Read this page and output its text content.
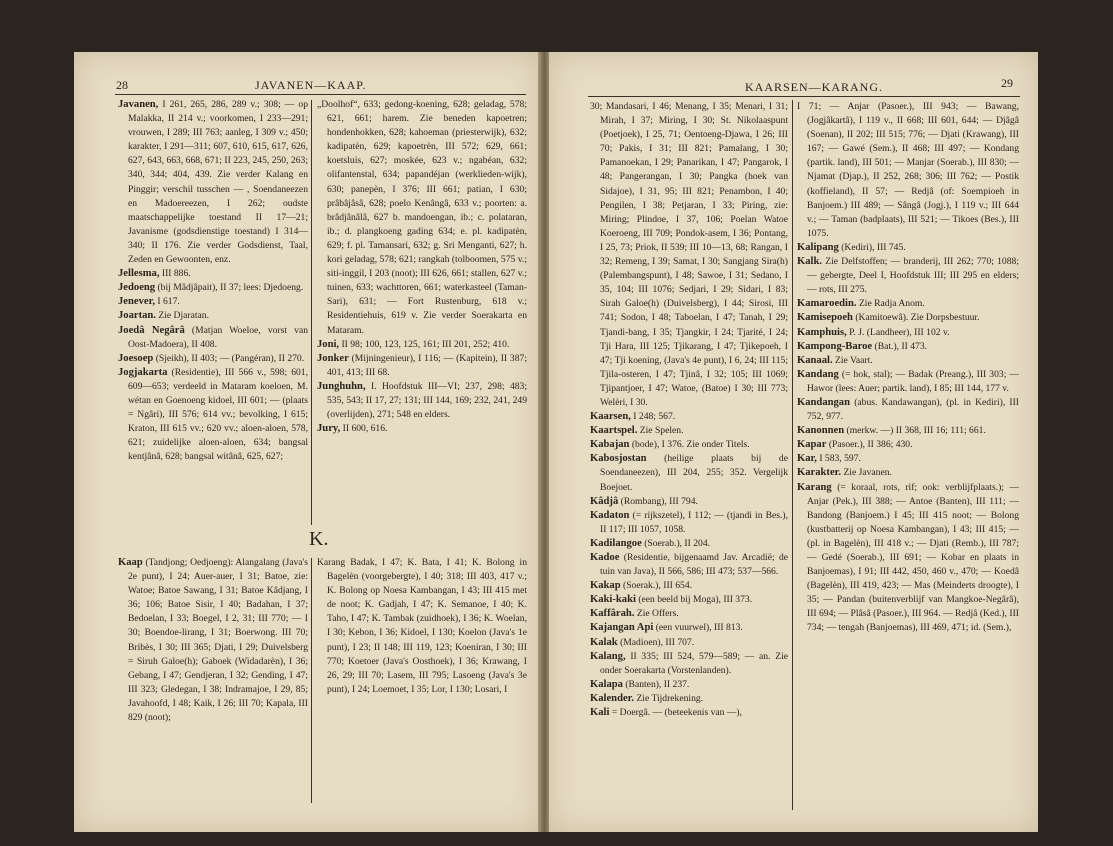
28	JAVANEN—KAAP.

Javanen, I 261, 265, 286, 289 v.; 308; — op Malakka, II 214 v.; voorkomen, I 233—291; vrouwen, I 289; III 763; aanleg, I 309 v.; 450; karakter, I 291—311; 607, 610, 615, 617, 626, 627, 643, 663, 668, 671; II 223, 245, 250, 263; 340, 344; 404, 439. Zie verder Kalang en Pinggir; verschil tusschen — , Soendaneezen en Madoereezen, I 262; oudste maatschappelijke toestand II 17—21; Javanisme (godsdienstige toestand) I 314—340; II 176. Zie verder Godsdienst, Taal, Zeden en Gewoonten, enz.

Jellesma, III 886.

Jedoeng (bij Mâdjâpait), II 37; lees: Djedoeng.

Jenever, I 617.

Joartan. Zie Djaratan.

Joedâ Negârâ (Matjan Woeloe, vorst van Oost-Madoera), II 408.

Joesoep (Sjeikh), II 403; — (Pangéran), II 270.

Jogjakarta (Residentie), III 566 v., 598; 601, 609—653; verdeeld in Mataram koeloen, M. wétan en Goenoeng kidoel, III 601; — (plaats = Ngâri), III 576; 614 vv.; bevolking, I 615; Kraton, III 615 vv.; 620 vv.; aloen-aloen, 578, 621; zuidelijke aloen-aloen, 634; bangsal kentjânâ, 628; bangsal witânâ, 625, 627;

„Doolhof“, 633; gedong-koening, 628; geladag, 578; 621, 661; harem. Zie beneden kapoetren; hondenhokken, 628; kahoeman (priesterwijk), 632; kadipatèn, 629; kapoetrèn, III 572; 629, 661; koetsluis, 627; moskée, 623 v.; ngabéan, 632; olifantenstal, 634; papandéjan (werklieden-wijk), 630; panepèn, I 376; III 661; patian, I 630; prâbâjâsâ, 628; poelo Kenângâ, 633 v.; poorten: a. brâdjânâlâ, 627 b. mandoengan, ib.; c. polataran, ib.; d. plangkoeng gading 634; e. pl. kadipatèn, 629; f. pl. Tamansari, 632; g. Sri Menganti, 627; h. kori geladag, 578; 621; rangkah (tolboomen, 575 v.; siti-inggil, I 203 (noot); III 626, 661; stallen, 627 v.; tuinen, 633; wachttoren, 661; waterkasteel (Taman-Sari), 631; — Fort Rustenburg, 618 v.; Residentiehuis, 619 v. Zie verder Soerakarta en Mataram.

Joni, II 98; 100, 123, 125, 161; III 201, 252; 410.

Jonker (Mijningenieur), I 116; — (Kapitein), II 387; 401, 413; III 68.

Junghuhn, I. Hoofdstuk III—VI; 237, 298; 483; 535, 543; II 17, 27; 131; III 144, 169; 232, 241, 249 (overlijden), 271; 548 en elders.

Jury, II 600, 616.

K.

Kaap (Tandjong; Oedjoeng): Alangalang (Java's 2e punt), I 24; Auer-auer, I 31; Batoe, zie: Watoe; Batoe Sawang, I 31; Batoe Kâdjang, I 36; 106; Batoe Sisir, I 40; Badahan, I 37; Bedoelan, I 33; Boegel, I 2, 31; III 770; — I 30; Boendoe-lirang, I 31; Boerwong. III 70; Bribès, I 30; III 365; Djati, I 29; Duivelsberg = Siruh Galoe(h); Gaboek (Widadarèn), I 36; Gebang, I 47; Gendjeran, I 32; Gending, I 47; III 323; Gledegan, I 38; Indramajoe, I 29, 85; Javahoofd, I 48; Kaik, I 26; III 70; Kapala, III 829 (noot);

Karang Badak, I 47; K. Bata, I 41; K. Bolong in Bagelèn (voorgebergte), I 40; 318; III 403, 417 v.; K. Bolong op Noesa Kambangan, I 43; III 415 met de noot; K. Gadjah, I 47; K. Semanoe, I 40; K. Taho, I 47; K. Tambak (zuidhoek), I 36; K. Woelan, I 30; Kebon, I 36; Kidoel, I 130; Koelon (Java's 1e punt), I 23; II 148; III 119, 123; Koeniran, I 30; III 770; Koetoer (Java's Oosthoek), I 36; Krawang, I 26, 29; III 70; Lasem, III 795; Lasoeng (Java's 3e punt), I 24; Loemoet, I 35; Lor, I 130; Losari, I

KAARSEN—KARANG.	29

30; Mandasari, I 46; Menang, I 35; Menari, I 31; Mirah, I 37; Miring, I 30; St. Nikolaaspunt (Poetjoek), I 25, 71; Oentoeng-Djawa, I 26; III 70; Pakis, I 31; III 821; Pamalang, I 30; Pamanoekan, I 29; Panarikan, I 47; Pangarok, I 48; Pangerangan, I 30; Pangka (hoek van Sidajoe), I 31, 95; III 821; Penambon, I 40; Pengilen, I 38; Petjaran, I 33; Piring, zie: Miring; Plindoe, I 37, 106; Poelan Watoe Koeroeng, III 709; Pondok-asem, I 36; Pontang, I 25, 73; Priok, II 539; III 10—13, 68; Rangan, I 32; Remeng, I 39; Samat, I 30; Sangjang Sira(h) (Palembangspunt), I 48; Sawoe, I 31; Sedano, I 35, 104; III 1076; Sedjari, I 29; Sidari, I 83; Sirah Galoe(h) (Duivelsberg), I 44; Sirosi, III 741; Sodon, I 48; Taboelan, I 47; Tanah, I 29; Tjandi-bang, I 35; Tjangkir, I 24; Tjarité, I 24; Tji Hara, III 125; Tjikarang, I 47; Tjikepoeh, I 47; Tji koening, (Java's 4e punt), I 6, 24; III 115; Tjila-osteren, I 47; Tjinâ, I 32; 105; III 1069; Tjipantjoer, I 47; Watoe, (Batoe) I 30; III 773; Welèri, I 30.

Kaarsen, I 248; 567.

Kaartspel. Zie Spelen.

Kabajan (bode), I 376. Zie onder Titels.

Kabosjostan (heilige plaats bij de Soendaneezen), III 204, 255; 352. Vergelijk Boejoet.

Kâdjâ (Rombang), III 794.

Kadaton (= rijkszetel), I 112; — (tjandi in Bes.), II 117; III 1057, 1058.

Kadilangoe (Soerab.), II 204.

Kadoe (Residentie, bijgenaamd Jav. Arcadië; de tuin van Java), II 566, 586; III 473; 537—566.

Kakap (Soerak.), III 654.

Kaki-kaki (een beeld bij Moga), III 373.

Kaffârah. Zie Offers.

Kajangan Api (een vuurwel), III 813.

Kalak (Madioen), III 707.

Kalang, II 335; III 524, 579—589; — an. Zie onder Soerakarta (Vorstenlanden).

Kalapa (Banten), II 237.

Kalender. Zie Tijdrekening.

Kali = Doergâ. — (beteekenis van —),

I 71; — Anjar (Pasoer.), III 943; — Bawang, (Jogjâkartâ), I 119 v., II 668; III 601, 644; — Djâgâ (Soenan), II 202; III 515; 776; — Djati (Krawang), III 167; — Gawé (Sem.), II 468; III 497; — Kondang (partik. land), III 501; — Manjar (Soerab.), III 830; — Njamat (Djap.), II 252, 268; 306; III 762; — Postik (koffieland), II 57; — Redjâ (of: Soempioeh in Banjoem.) III 489; — Sângâ (Jogj.), I 119 v.; III 644 v.; — Taman (badplaats), III 521; — Tikoes (Bes.), III 1075.

Kalipang (Kediri), III 745.

Kalk. Zie Delfstoffen; — branderij, III 262; 770; 1088; — gebergte, Deel I, Hoofdstuk III; III 295 en elders; — rots, III 275.

Kamaroedin. Zie Radja Anom.

Kamisepoeh (Kamitoewâ). Zie Dorpsbestuur.

Kamphuis, P. J. (Landheer), III 102 v.

Kampong-Baroe (Bat.), II 473.

Kanaal. Zie Vaart.

Kandang (= hok, stal); — Badak (Preang.), III 303; — Hawor (lees: Auer; partik. land), I 85; III 144, 177 v.

Kandangan (abus. Kandawangan), (pl. in Kediri), III 752, 977.

Kanonnen (merkw. —) II 368, III 16; 111; 661.

Kapar (Pasoer.), II 386; 430.

Kar, I 583, 597.

Karakter. Zie Javanen.

Karang (= koraal, rots, rif; ook: verblijfplaats.); — Anjar (Pek.), III 388; — Antoe (Banten), III 111; — Bandong (Banjoem.) I 45; III 415 noot; — Bolong (kustbatterij op Noesa Kambangan), I 43; III 415; — (pl. in Bagelèn), III 418 v.; — Djati (Remb.), III 787; — Gedé (Soerab.), III 691; — Kobar en plaats in Banjoemas), I 91; III 442, 450, 460 v., 470; — Koedâ (Bagelèn), III 419, 423; — Mas (Meinderts droogte), I 35; — Pandan (buitenverblijf van Mangkoe-Negârâ), III 694; — Plâsâ (Pasoer.), III 964. — Redjâ (Ked.), III 734; — tengah (Banjoemas), III 469, 471; id. (Sem.),
